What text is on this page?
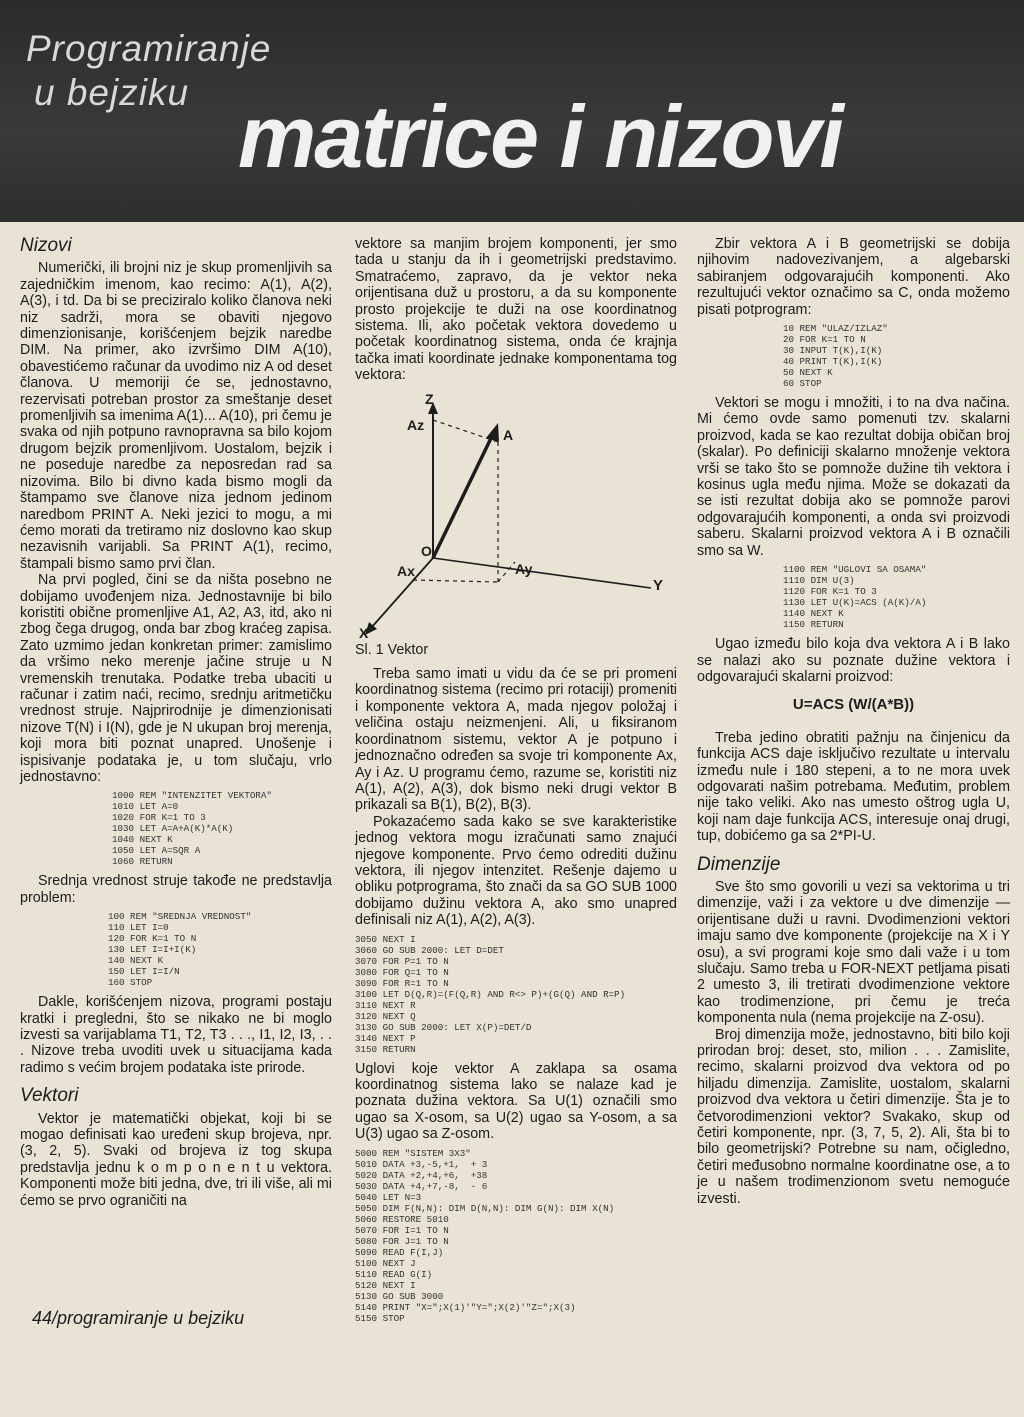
Programiranje
u bejziku matrice i nizovi
Nizovi

Numerički, ili brojni niz je skup promenljivih sa zajedničkim imenom, kao recimo: A(1), A(2), A(3), i td. Da bi se preciziralo koliko članova neki niz sadrži, mora se obaviti njegovo dimenzionisanje, korišćenjem bejzik naredbe DIM. Na primer, ako izvršimo DIM A(10), obavestićemo računar da uvodimo niz A od deset članova. U memoriji će se, jednostavno, rezervisati potreban prostor za smeštanje deset promenljivih sa imenima A(1)... A(10), pri čemu je svaka od njih potpuno ravnopravna sa bilo kojom drugom bejzik promenljivom. Uostalom, bejzik i ne poseduje naredbe za neposredan rad sa nizovima. Bilo bi divno kada bismo mogli da štampamo sve članove niza jednom jedinom naredbom PRINT A. Neki jezici to mogu, a mi ćemo morati da tretiramo niz doslovno kao skup nezavisnih varijabli. Sa PRINT A(1), recimo, štampali bismo samo prvi član.

Na prvi pogled, čini se da ništa posebno ne dobijamo uvođenjem niza. Jednostavnije bi bilo koristiti obične promenljive A1, A2, A3, itd, ako ni zbog čega drugog, onda bar zbog kraćeg zapisa. Zato uzmimo jedan konkretan primer: zamislimo da vršimo neko merenje jačine struje u N vremenskih trenutaka. Podatke treba ubaciti u računar i zatim naći, recimo, srednju aritmetičku vrednost struje. Najprirodnije je dimenzionisati nizove T(N) i I(N), gde je N ukupan broj merenja, koji mora biti poznat unapred. Unošenje i ispisivanje podataka je, u tom slučaju, vrlo jednostavno:

1000 REM "INTENZITET VEKTORA"
1010 LET A=0
1020 FOR K=1 TO 3
1030 LET A=A+A(K)*A(K)
1040 NEXT K
1050 LET A=SQR A
1060 RETURN

Srednja vrednost struje takođe ne predstavlja problem:

100 REM "SREDNJA VREDNOST"
110 LET I=0
120 FOR K=1 TO N
130 LET I=I+I(K)
140 NEXT K
150 LET I=I/N
160 STOP

Dakle, korišćenjem nizova, programi postaju kratki i pregledni, što se nikako ne bi moglo izvesti sa varijablama T1, T2, T3 . . ., I1, I2, I3, . . . Nizove treba uvoditi uvek u situacijama kada radimo s većim brojem podataka iste prirode.

Vektori

Vektor je matematički objekat, koji bi se mogao definisati kao uređeni skup brojeva, npr. (3, 2, 5). Svaki od brojeva iz tog skupa predstavlja jednu k o m p o n e n t u vektora. Komponenti može biti jedna, dve, tri ili više, ali mi ćemo se prvo ograničiti na

vektore sa manjim brojem komponenti, jer smo tada u stanju da ih i geometrijski predstavimo. Smatraćemo, zapravo, da je vektor neka orijentisana duž u prostoru, a da su komponente prosto projekcije te duži na ose koordinatnog sistema. Ili, ako početak vektora dovedemo u početak koordinatnog sistema, onda će krajnja tačka imati koordinate jednake komponentama tog vektora:

Z
Az
A
O
Ax	Ay
Y
X
Sl. 1 Vektor

Treba samo imati u vidu da će se pri promeni koordinatnog sistema (recimo pri rotaciji) promeniti i komponente vektora A, mada njegov položaj i veličina ostaju neizmenjeni. Ali, u fiksiranom koordinatnom sistemu, vektor A je potpuno i jednoznačno određen sa svoje tri komponente Ax, Ay i Az. U programu ćemo, razume se, koristiti niz A(1), A(2), A(3), dok bismo neki drugi vektor B prikazali sa B(1), B(2), B(3).

Pokazaćemo sada kako se sve karakteristike jednog vektora mogu izračunati samo znajući njegove komponente. Prvo ćemo odrediti dužinu vektora, ili njegov intenzitet. Rešenje dajemo u obliku potprograma, što znači da sa GO SUB 1000 dobijamo dužinu vektora A, ako smo unapred definisali niz A(1), A(2), A(3).

3050 NEXT I
3060 GO SUB 2000: LET D=DET
3070 FOR P=1 TO N
3080 FOR Q=1 TO N
3090 FOR R=1 TO N
3100 LET D(Q,R)=(F(Q,R) AND R<> P)+(G(Q) AND R=P)
3110 NEXT R
3120 NEXT Q
3130 GO SUB 2000: LET X(P)=DET/D
3140 NEXT P
3150 RETURN

Uglovi koje vektor A zaklapa sa osama koordinatnog sistema lako se nalaze kad je poznata dužina vektora. Sa U(1) označili smo ugao sa X-osom, sa U(2) ugao sa Y-osom, a sa U(3) ugao sa Z-osom.

5000 REM "SISTEM 3X3"
5010 DATA +3,-5,+1,  + 3
5020 DATA +2,+4,+6,  +38
5030 DATA +4,+7,-8,  - 6
5040 LET N=3
5050 DIM F(N,N): DIM D(N,N): DIM G(N): DIM X(N)
5060 RESTORE 5010
5070 FOR I=1 TO N
5080 FOR J=1 TO N
5090 READ F(I,J)
5100 NEXT J
5110 READ G(I)
5120 NEXT I
5130 GO SUB 3000
5140 PRINT "X=";X(1)'"Y=";X(2)'"Z=";X(3)
5150 STOP

Zbir vektora A i B geometrijski se dobija njihovim nadovezivanjem, a algebarski sabiranjem odgovarajućih komponenti. Ako rezultujući vektor označimo sa C, onda možemo pisati potprogram:

10 REM "ULAZ/IZLAZ"
20 FOR K=1 TO N
30 INPUT T(K),I(K)
40 PRINT T(K),I(K)
50 NEXT K
60 STOP

Vektori se mogu i množiti, i to na dva načina. Mi ćemo ovde samo pomenuti tzv. skalarni proizvod, kada se kao rezultat dobija običan broj (skalar). Po definiciji skalarno množenje vektora vrši se tako što se pomnože dužine tih vektora i kosinus ugla među njima. Može se dokazati da se isti rezultat dobija ako se pomnože parovi odgovarajućih komponenti, a onda svi proizvodi saberu. Skalarni proizvod vektora A i B označili smo sa W.

1100 REM "UGLOVI SA OSAMA"
1110 DIM U(3)
1120 FOR K=1 TO 3
1130 LET U(K)=ACS (A(K)/A)
1140 NEXT K
1150 RETURN

Ugao između bilo koja dva vektora A i B lako se nalazi ako su poznate dužine vektora i odgovarajući skalarni proizvod:

U=ACS (W/(A*B))

Treba jedino obratiti pažnju na činjenicu da funkcija ACS daje isključivo rezultate u intervalu između nule i 180 stepeni, a to ne mora uvek odgovarati našim potrebama. Međutim, problem nije tako veliki. Ako nas umesto oštrog ugla U, koji nam daje funkcija ACS, interesuje onaj drugi, tup, dobićemo ga sa 2*PI-U.

Dimenzije

Sve što smo govorili u vezi sa vektorima u tri dimenzije, važi i za vektore u dve dimenzije — orijentisane duži u ravni. Dvodimenzioni vektori imaju samo dve komponente (projekcije na X i Y osu), a svi programi koje smo dali važe i u tom slučaju. Samo treba u FOR-NEXT petljama pisati 2 umesto 3, ili tretirati dvodimenzione vektore kao trodimenzione, pri čemu je treća komponenta nula (nema projekcije na Z-osu).

Broj dimenzija može, jednostavno, biti bilo koji prirodan broj: deset, sto, milion . . . Zamislite, recimo, skalarni proizvod dva vektora od po hiljadu dimenzija. Zamislite, uostalom, skalarni proizvod dva vektora u četiri dimenzije. Šta je to četvorodimenzioni vektor? Svakako, skup od četiri komponente, npr. (3, 7, 5, 2). Ali, šta bi to bilo geometrijski? Potrebne su nam, očigledno, četiri međusobno normalne koordinatne ose, a to je u našem trodimenzionom svetu nemoguće izvesti.

44/programiranje u bejziku
